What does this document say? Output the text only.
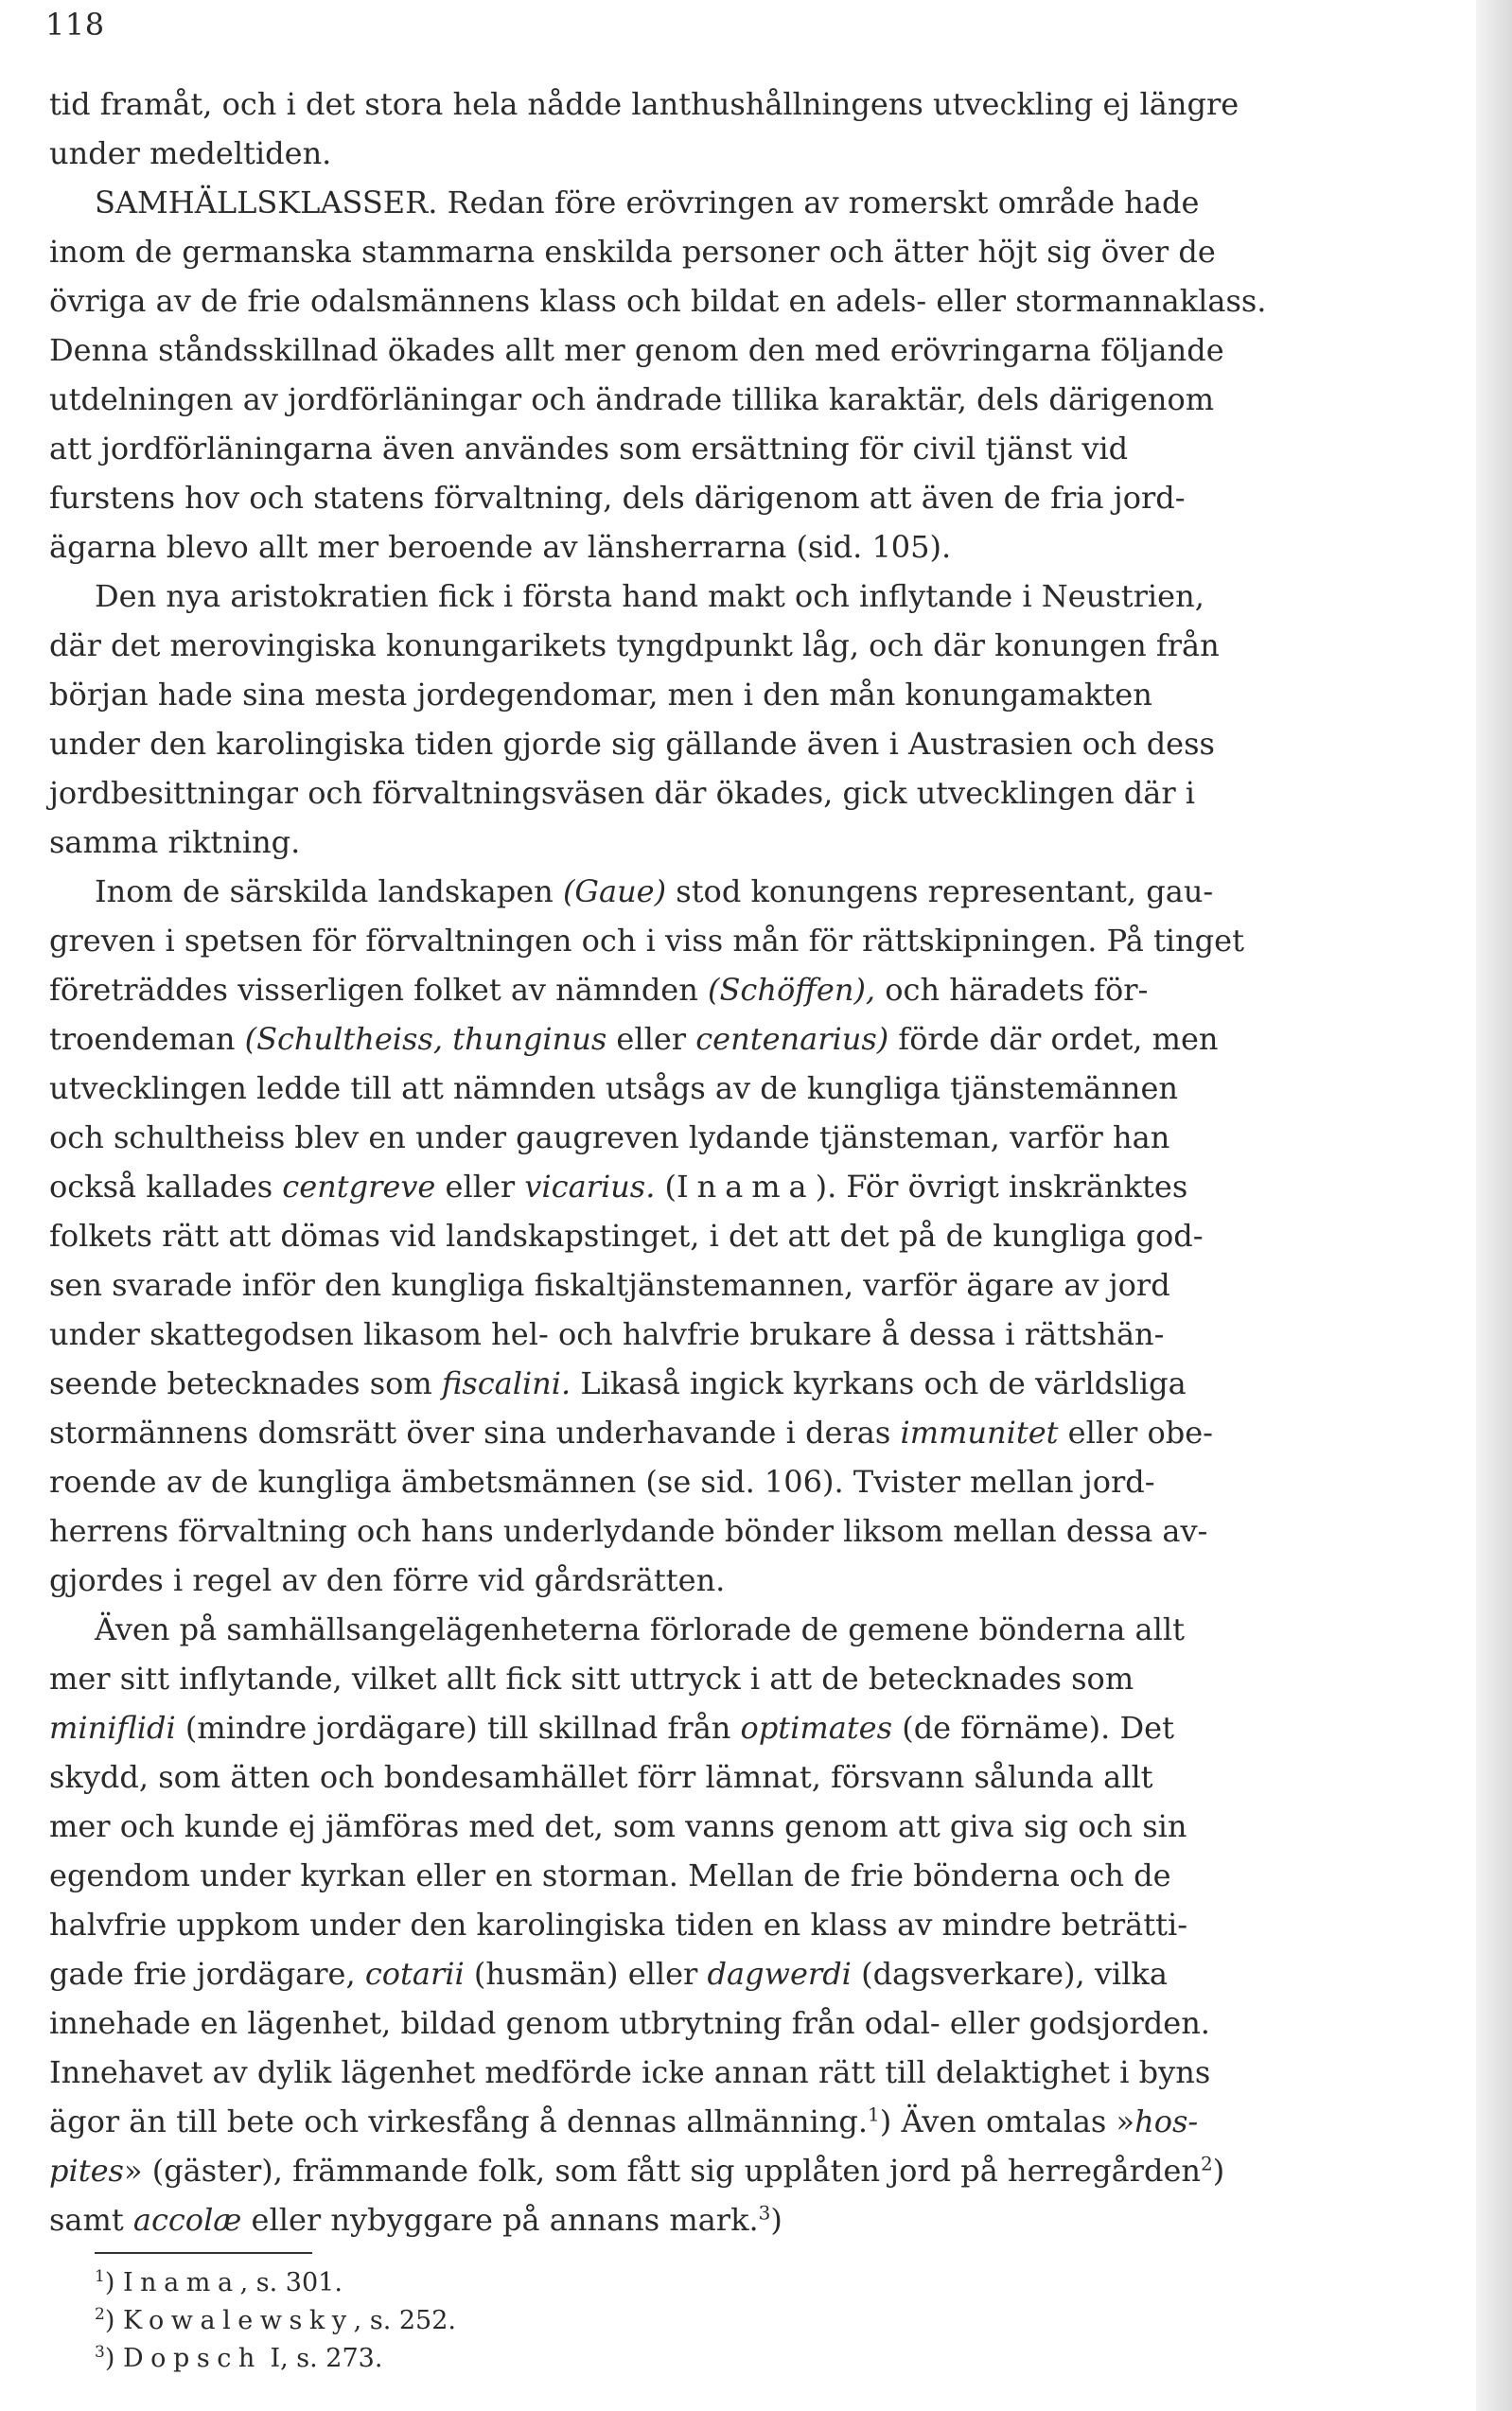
118

tid framåt, och i det stora hela nådde lanthushållningens utveckling ej längre
under medeltiden.

SAMHÄLLSKLASSER. Redan före erövringen av romerskt område hade
inom de germanska stammarna enskilda personer och ätter höjt sig över de
övriga av de frie odalsmännens klass och bildat en adels- eller stormannaklass.
Denna ståndsskillnad ökades allt mer genom den med erövringarna följande
utdelningen av jordförläningar och ändrade tillika karaktär, dels därigenom
att jordförläningarna även användes som ersättning för civil tjänst vid
furstens hov och statens förvaltning, dels därigenom att även de fria jord-
ägarna blevo allt mer beroende av länsherrarna (sid. 105).

Den nya aristokratien fick i första hand makt och inflytande i Neustrien,
där det merovingiska konungarikets tyngdpunkt låg, och där konungen från
början hade sina mesta jordegendomar, men i den mån konungamakten
under den karolingiska tiden gjorde sig gällande även i Austrasien och dess
jordbesittningar och förvaltningsväsen där ökades, gick utvecklingen där i
samma riktning.

Inom de särskilda landskapen (Gaue) stod konungens representant, gau-
greven i spetsen för förvaltningen och i viss mån för rättskipningen. På tinget
företräddes visserligen folket av nämnden (Schöffen), och häradets för-
troendeman (Schultheiss, thunginus eller centenarius) förde där ordet, men
utvecklingen ledde till att nämnden utsågs av de kungliga tjänstemännen
och schultheiss blev en under gaugreven lydande tjänsteman, varför han
också kallades centgreve eller vicarius. (Inama). För övrigt inskränktes
folkets rätt att dömas vid landskapstinget, i det att det på de kungliga god-
sen svarade inför den kungliga fiskaltjänstemannen, varför ägare av jord
under skattegodsen likasom hel- och halvfrie brukare å dessa i rättshän-
seende betecknades som fiscalini. Likaså ingick kyrkans och de världsliga
stormännens domsrätt över sina underhavande i deras immunitet eller obe-
roende av de kungliga ämbetsmännen (se sid. 106). Tvister mellan jord-
herrens förvaltning och hans underlydande bönder liksom mellan dessa av-
gjordes i regel av den förre vid gårdsrätten.

Även på samhällsangelägenheterna förlorade de gemene bönderna allt
mer sitt inflytande, vilket allt fick sitt uttryck i att de betecknades som
miniflidi (mindre jordägare) till skillnad från optimates (de förnäme). Det
skydd, som ätten och bondesamhället förr lämnat, försvann sålunda allt
mer och kunde ej jämföras med det, som vanns genom att giva sig och sin
egendom under kyrkan eller en storman. Mellan de frie bönderna och de
halvfrie uppkom under den karolingiska tiden en klass av mindre beträtti-
gade frie jordägare, cotarii (husmän) eller dagwerdi (dagsverkare), vilka
innehade en lägenhet, bildad genom utbrytning från odal- eller godsjorden.
Innehavet av dylik lägenhet medförde icke annan rätt till delaktighet i byns
ägor än till bete och virkesfång å dennas allmänning.$^1$) Även omtalas »hos-
pites» (gäster), främmande folk, som fått sig upplåten jord på herregården$^2$)
samt accolæ eller nybyggare på annans mark.$^3$)

$^1$) Inama, s. 301.
$^2$) Kowalewsky, s. 252.
$^3$) Dopsch I, s. 273.
